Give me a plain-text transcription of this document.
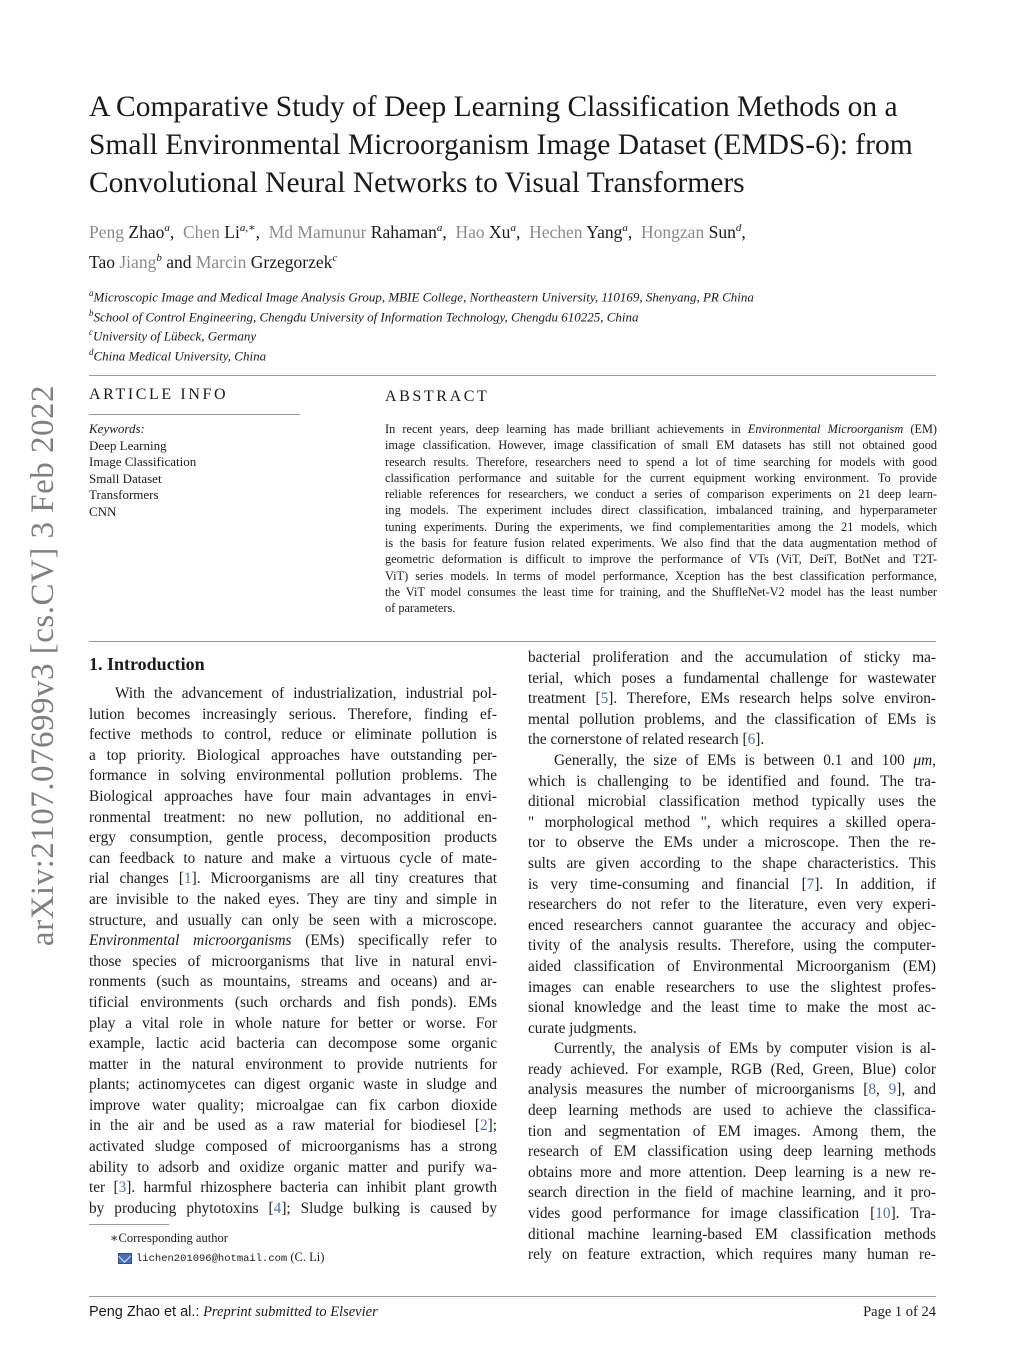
arXiv:2107.07699v3 [cs.CV] 3 Feb 2022
A Comparative Study of Deep Learning Classification Methods on a
Small Environmental Microorganism Image Dataset (EMDS-6): from
Convolutional Neural Networks to Visual Transformers
Peng Zhao$^a$, Chen $Li^{a,∗}$, Md Mamunur Rahaman$^a$, Hao Xu$^a$, Hechen Yang$^a$, Hongzan Sun$^d$,
Tao Jiang$^b$ and Marcin Grzegorzek$^c$
$^a$Microscopic Image and Medical Image Analysis Group, MBIE College, Northeastern University, 110169, Shenyang, PR China
$^b$School of Control Engineering, Chengdu University of Information Technology, Chengdu 610225, China
$^c$University of Lübeck, Germany
$^d$China Medical University, China
ARTICLE INFO
Keywords:
Deep Learning
Image Classification
Small Dataset
Transformers
CNN
ABSTRACT
In recent years, deep learning has made brilliant achievements in Environmental Microorganism (EM)
image classification. However, image classification of small EM datasets has still not obtained good
research results. Therefore, researchers need to spend a lot of time searching for models with good
classification performance and suitable for the current equipment working environment. To provide
reliable references for researchers, we conduct a series of comparison experiments on 21 deep learn-
ing models. The experiment includes direct classification, imbalanced training, and hyperparameter
tuning experiments. During the experiments, we find complementarities among the 21 models, which
is the basis for feature fusion related experiments. We also find that the data augmentation method of
geometric deformation is difficult to improve the performance of VTs (ViT, DeiT, BotNet and T2T-
ViT) series models. In terms of model performance, Xception has the best classification performance,
the ViT model consumes the least time for training, and the ShuffleNet-V2 model has the least number
of parameters.
1. Introduction
With the advancement of industrialization, industrial pol-
lution becomes increasingly serious. Therefore, finding ef-
fective methods to control, reduce or eliminate pollution is
a top priority. Biological approaches have outstanding per-
formance in solving environmental pollution problems. The
Biological approaches have four main advantages in envi-
ronmental treatment: no new pollution, no additional en-
ergy consumption, gentle process, decomposition products
can feedback to nature and make a virtuous cycle of mate-
rial changes [1]. Microorganisms are all tiny creatures that
are invisible to the naked eyes. They are tiny and simple in
structure, and usually can only be seen with a microscope.
Environmental microorganisms (EMs) specifically refer to
those species of microorganisms that live in natural envi-
ronments (such as mountains, streams and oceans) and ar-
tificial environments (such orchards and fish ponds). EMs
play a vital role in whole nature for better or worse. For
example, lactic acid bacteria can decompose some organic
matter in the natural environment to provide nutrients for
plants; actinomycetes can digest organic waste in sludge and
improve water quality; microalgae can fix carbon dioxide
in the air and be used as a raw material for biodiesel [2];
activated sludge composed of microorganisms has a strong
ability to adsorb and oxidize organic matter and purify wa-
ter [3]. harmful rhizosphere bacteria can inhibit plant growth
by producing phytotoxins [4]; Sludge bulking is caused by
bacterial proliferation and the accumulation of sticky ma-
terial, which poses a fundamental challenge for wastewater
treatment [5]. Therefore, EMs research helps solve environ-
mental pollution problems, and the classification of EMs is
the cornerstone of related research [6].
Generally, the size of EMs is between 0.1 and 100 μm,
which is challenging to be identified and found. The tra-
ditional microbial classification method typically uses the
" morphological method ", which requires a skilled opera-
tor to observe the EMs under a microscope. Then the re-
sults are given according to the shape characteristics. This
is very time-consuming and financial [7]. In addition, if
researchers do not refer to the literature, even very experi-
enced researchers cannot guarantee the accuracy and objec-
tivity of the analysis results. Therefore, using the computer-
aided classification of Environmental Microorganism (EM)
images can enable researchers to use the slightest profes-
sional knowledge and the least time to make the most ac-
curate judgments.
Currently, the analysis of EMs by computer vision is al-
ready achieved. For example, RGB (Red, Green, Blue) color
analysis measures the number of microorganisms [8, 9], and
deep learning methods are used to achieve the classifica-
tion and segmentation of EM images. Among them, the
research of EM classification using deep learning methods
obtains more and more attention. Deep learning is a new re-
search direction in the field of machine learning, and it pro-
vides good performance for image classification [10]. Tra-
ditional machine learning-based EM classification methods
rely on feature extraction, which requires many human re-
∗Corresponding author
lichen201096@hotmail.com (C. Li)
Peng Zhao et al.: Preprint submitted to Elsevier	Page 1 of 24
